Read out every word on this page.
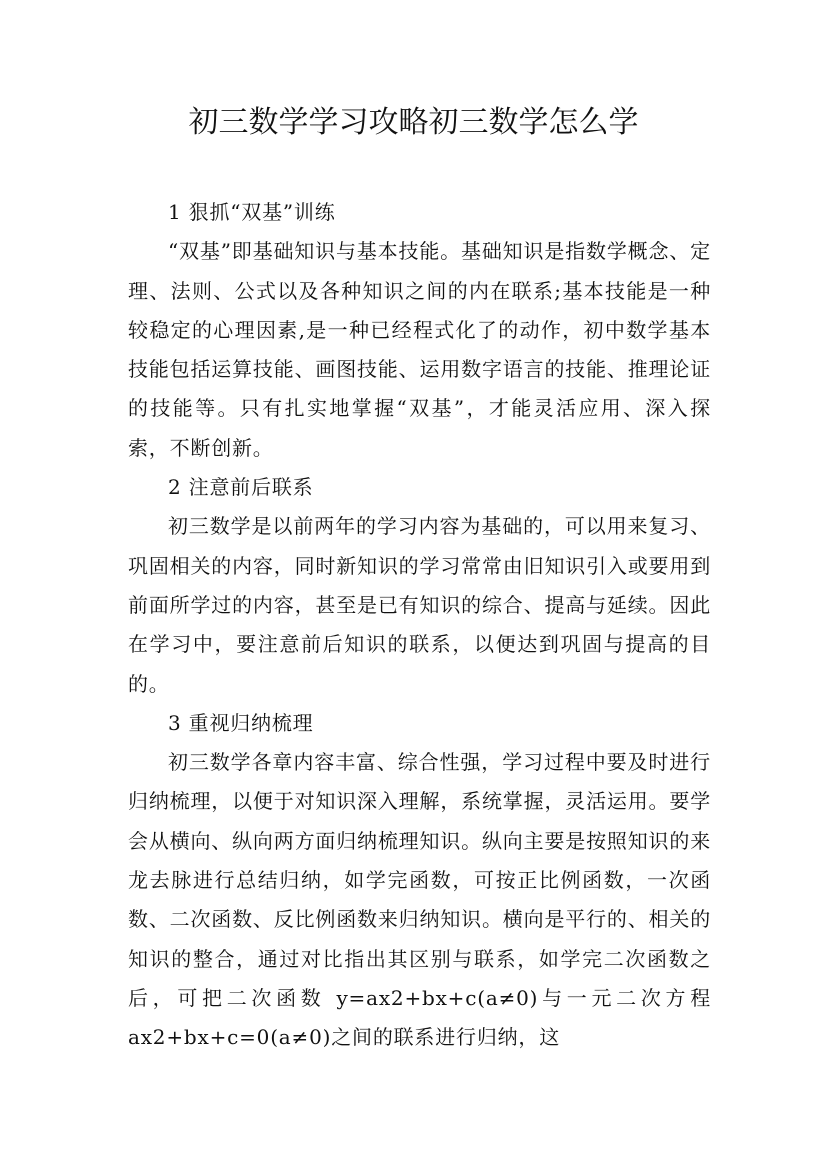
初三数学学习攻略初三数学怎么学

1 狠抓“双基”训练

“双基”即基础知识与基本技能。基础知识是指数学概念、定理、法则、公式以及各种知识之间的内在联系;基本技能是一种较稳定的心理因素,是一种已经程式化了的动作，初中数学基本技能包括运算技能、画图技能、运用数字语言的技能、推理论证的技能等。只有扎实地掌握“双基”，才能灵活应用、深入探索，不断创新。

2 注意前后联系

初三数学是以前两年的学习内容为基础的，可以用来复习、巩固相关的内容，同时新知识的学习常常由旧知识引入或要用到前面所学过的内容，甚至是已有知识的综合、提高与延续。因此在学习中，要注意前后知识的联系，以便达到巩固与提高的目的。

3 重视归纳梳理

初三数学各章内容丰富、综合性强，学习过程中要及时进行归纳梳理，以便于对知识深入理解，系统掌握，灵活运用。要学会从横向、纵向两方面归纳梳理知识。纵向主要是按照知识的来龙去脉进行总结归纳，如学完函数，可按正比例函数，一次函数、二次函数、反比例函数来归纳知识。横向是平行的、相关的知识的整合，通过对比指出其区别与联系，如学完二次函数之后，可把二次函数 y=ax2+bx+c(a≠0)与一元二次方程 ax2+bx+c=0(a≠0)之间的联系进行归纳，这
